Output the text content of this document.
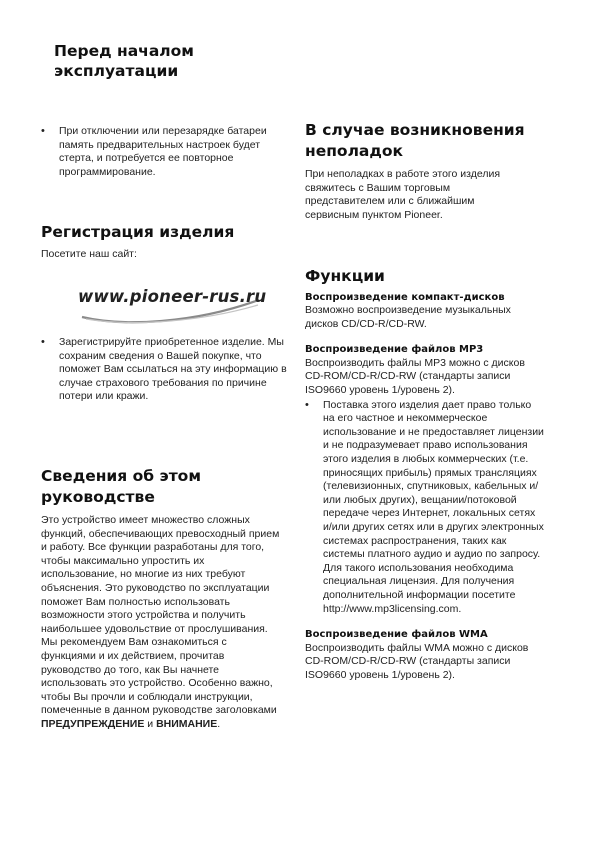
Перед началом эксплуатации
• При отключении или перезарядке батареи память предварительных настроек будет стерта, и потребуется ее повторное программирование.
Регистрация изделия
Посетите наш сайт:
www.pioneer-rus.ru
• Зарегистрируйте приобретенное изделие. Мы сохраним сведения о Вашей покупке, что поможет Вам ссылаться на эту информацию в случае страхового требования по причине потери или кражи.
Сведения об этом руководстве

Это устройство имеет множество сложных функций, обеспечивающих превосходный прием и работу. Все функции разработаны для того, чтобы максимально упростить их использование, но многие из них требуют объяснения. Это руководство по эксплуатации поможет Вам полностью использовать возможности этого устройства и получить наибольшее удовольствие от прослушивания.

Мы рекомендуем Вам ознакомиться с функциями и их действием, прочитав руководство до того, как Вы начнете использовать это устройство. Особенно важно, чтобы Вы прочли и соблюдали инструкции, помеченные в данном руководстве заголовками ПРЕДУПРЕЖДЕНИЕ и ВНИМАНИЕ.

В случае возникновения неполадок

При неполадках в работе этого изделия свяжитесь с Вашим торговым представителем или с ближайшим сервисным пунктом Pioneer.

Функции

Воспроизведение компакт-дисков

Возможно воспроизведение музыкальных дисков CD/CD-R/CD-RW.

Воспроизведение файлов MP3

Воспроизводить файлы MP3 можно с дисков CD-ROM/CD-R/CD-RW (стандарты записи ISO9660 уровень 1/уровень 2).

• Поставка этого изделия дает право только на его частное и некоммерческое использование и не предоставляет лицензии и не подразумевает право использования этого изделия в любых коммерческих (т.е. приносящих прибыль) прямых трансляциях (телевизионных, спутниковых, кабельных и/или любых других), вещании/потоковой передаче через Интернет, локальных сетях и/или других сетях или в других электронных системах распространения, таких как системы платного аудио и аудио по запросу. Для такого использования необходима специальная лицензия. Для получения дополнительной информации посетите http://www.mp3licensing.com.

Воспроизведение файлов WMA

Воспроизводить файлы WMA можно с дисков CD-ROM/CD-R/CD-RW (стандарты записи ISO9660 уровень 1/уровень 2).
